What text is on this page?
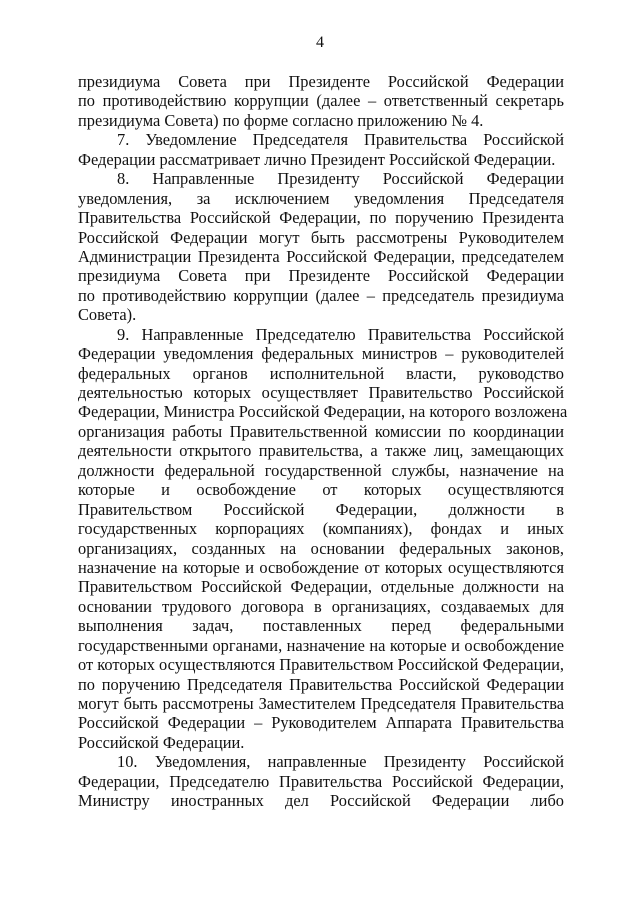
4
президиума Совета при Президенте Российской Федерации
по противодействию коррупции (далее – ответственный секретарь
президиума Совета) по форме согласно приложению № 4.
7. Уведомление Председателя Правительства Российской
Федерации рассматривает лично Президент Российской Федерации.
8. Направленные Президенту Российской Федерации
уведомления, за исключением уведомления Председателя
Правительства Российской Федерации, по поручению Президента
Российской Федерации могут быть рассмотрены Руководителем
Администрации Президента Российской Федерации, председателем
президиума Совета при Президенте Российской Федерации
по противодействию коррупции (далее – председатель президиума
Совета).
9. Направленные Председателю Правительства Российской
Федерации уведомления федеральных министров – руководителей
федеральных органов исполнительной власти, руководство
деятельностью которых осуществляет Правительство Российской
Федерации, Министра Российской Федерации, на которого возложена
организация работы Правительственной комиссии по координации
деятельности открытого правительства, а также лиц, замещающих
должности федеральной государственной службы, назначение на
которые и освобождение от которых осуществляются
Правительством Российской Федерации, должности в
государственных корпорациях (компаниях), фондах и иных
организациях, созданных на основании федеральных законов,
назначение на которые и освобождение от которых осуществляются
Правительством Российской Федерации, отдельные должности на
основании трудового договора в организациях, создаваемых для
выполнения задач, поставленных перед федеральными
государственными органами, назначение на которые и освобождение
от которых осуществляются Правительством Российской Федерации,
по поручению Председателя Правительства Российской Федерации
могут быть рассмотрены Заместителем Председателя Правительства
Российской Федерации – Руководителем Аппарата Правительства
Российской Федерации.
10. Уведомления, направленные Президенту Российской
Федерации, Председателю Правительства Российской Федерации,
Министру иностранных дел Российской Федерации либо
